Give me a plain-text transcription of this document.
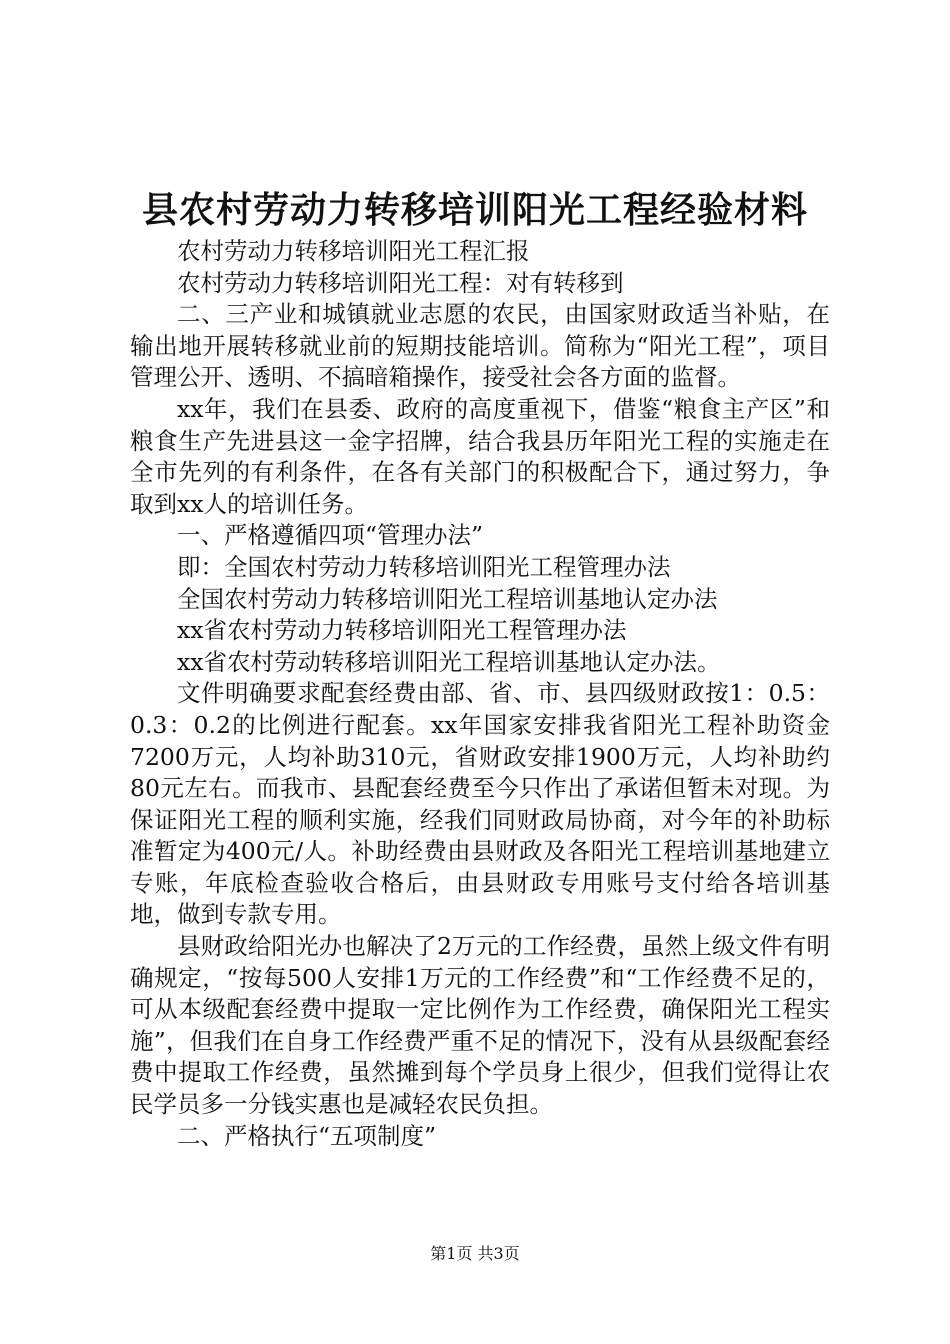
县农村劳动力转移培训阳光工程经验材料

农村劳动力转移培训阳光工程汇报

农村劳动力转移培训阳光工程：对有转移到

二、三产业和城镇就业志愿的农民，由国家财政适当补贴，在输出地开展转移就业前的短期技能培训。简称为“阳光工程”，项目管理公开、透明、不搞暗箱操作，接受社会各方面的监督。

xx年，我们在县委、政府的高度重视下，借鉴“粮食主产区”和粮食生产先进县这一金字招牌，结合我县历年阳光工程的实施走在全市先列的有利条件，在各有关部门的积极配合下，通过努力，争取到xx人的培训任务。

一、严格遵循四项“管理办法”

即：全国农村劳动力转移培训阳光工程管理办法

全国农村劳动力转移培训阳光工程培训基地认定办法

xx省农村劳动力转移培训阳光工程管理办法

xx省农村劳动转移培训阳光工程培训基地认定办法。

文件明确要求配套经费由部、省、市、县四级财政按1：0.5：0.3：0.2的比例进行配套。xx年国家安排我省阳光工程补助资金7200万元，人均补助310元，省财政安排1900万元，人均补助约80元左右。而我市、县配套经费至今只作出了承诺但暂未对现。为保证阳光工程的顺利实施，经我们同财政局协商，对今年的补助标准暂定为400元/人。补助经费由县财政及各阳光工程培训基地建立专账，年底检查验收合格后，由县财政专用账号支付给各培训基地，做到专款专用。

县财政给阳光办也解决了2万元的工作经费，虽然上级文件有明确规定，“按每500人安排1万元的工作经费”和“工作经费不足的，可从本级配套经费中提取一定比例作为工作经费，确保阳光工程实施”，但我们在自身工作经费严重不足的情况下，没有从县级配套经费中提取工作经费，虽然摊到每个学员身上很少，但我们觉得让农民学员多一分钱实惠也是减轻农民负担。

二、严格执行“五项制度”

第1页 共3页
